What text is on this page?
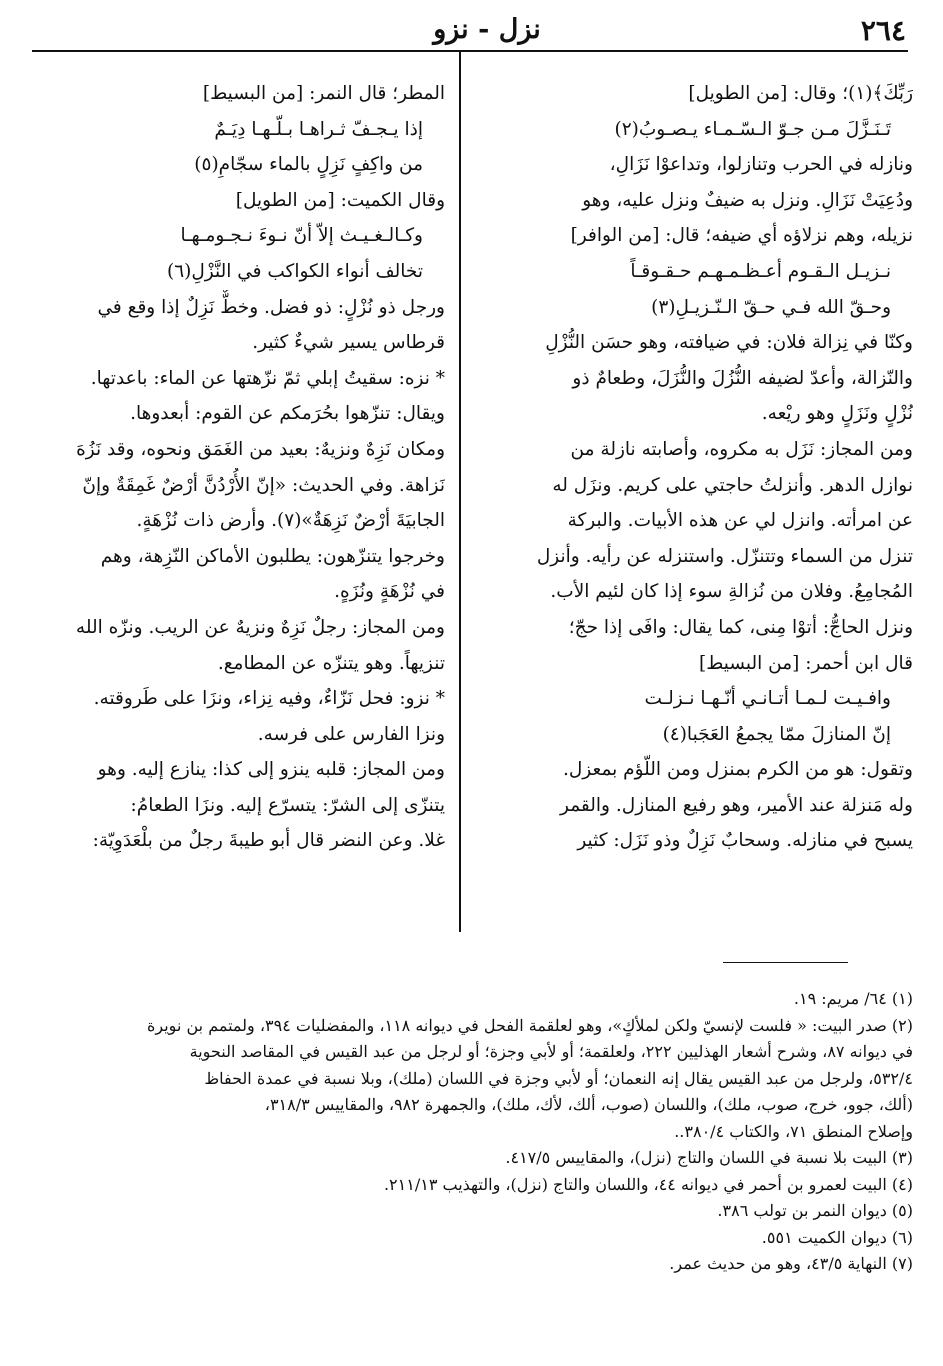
٢٦٤
نزل - نزو
رَبِّكَ﴾(١)؛ وقال: [من الطويل]
تَـنَـزَّلَ مـن جـوّ الـسّـمـاء يـصـوبُ(٢)
ونازله في الحرب وتنازلوا، وتداعوْا نَزَالِ،
ودُعِيَتْ نَزَالِ. ونزل به ضيفٌ ونزل عليه، وهو
نزيله، وهم نزلاؤه أي ضيفه؛ قال: [من الوافر]
نـزيـل الـقـوم أعـظـمـهـم حـقـوقـاً
وحـقّ الله فـي حـقّ الـنّـزيـلِ(٣)
وكنّا في نِزالة فلان: في ضيافته، وهو حسَن النُّزْلِ
والنّزالة، وأعدّ لضيفه النُّزُلَ والنُّزَلَ، وطعامٌ ذو
نُزْلٍ ونَزَلٍ وهو ريْعه.
ومن المجاز: نَزَل به مكروه، وأصابته نازلة من
نوازل الدهر. وأنزلتُ حاجتي على كريم. ونزَل له
عن امرأته. وانزل لي عن هذه الأبيات. والبركة
تنزل من السماء وتتنزّل. واستنزله عن رأيه. وأنزل
المُجامِعُ. وفلان من نُزالةِ سوء إذا كان لئيم الأب.
ونزل الحاجُّ: أتوْا مِنى، كما يقال: وافَى إذا حجّ؛
قال ابن أحمر: [من البسيط]
وافـيـت لـمـا أتـانـي أنّـهـا نـزلـت
إنّ المنازلَ ممّا يجمعُ العَجَبا(٤)
وتقول: هو من الكرم بمنزل ومن اللّؤم بمعزل.
وله مَنزلة عند الأمير، وهو رفيع المنازل. والقمر
يسبح في منازله. وسحابٌ نَزِلٌ وذو نَزَل: كثير
المطر؛ قال النمر: [من البسيط]
إذا يـجـفّ ثـراهـا بـلّـهـا دِيَـمٌ
من واكِفٍ نَزِلٍ بالماء سجّامِ(٥)
وقال الكميت: [من الطويل]
وكـالـغـيـث إلاّ أنّ نـوءَ نـجـومـهـا
تخالف أنواء الكواكب في النَّزْلِ(٦)
ورجل ذو نُزْلٍ: ذو فضل. وخطٌّ نَزِلٌ إذا وقع في
قرطاس يسير شيءٌ كثير.
* نزه: سقيتُ إبلي ثمّ نزّهتها عن الماء: باعدتها.
ويقال: تنزّهوا بحُرَمكم عن القوم: أبعدوها.
ومكان نَزِهٌ ونزيهٌ: بعيد من الغَمَق ونحوه، وقد نَزُهَ
نَزاهة. وفي الحديث: «إنّ الأُرْدُنَّ أرْضٌ غَمِقَةٌ وإنّ
الجابيَةَ أرْضٌ نَزِهَةٌ»(٧). وأرض ذات نُزْهَةٍ.
وخرجوا يتنزّهون: يطلبون الأماكن النّزِهة، وهم
في نُزْهَةٍ ونُزَهٍ.
ومن المجاز: رجلٌ نَزِهٌ ونزيهٌ عن الريب. ونزّه الله
تنزيهاً. وهو يتنزّه عن المطامع.
* نزو: فحل نَزّاءٌ، وفيه نِزاء، ونزَا على طَروقته.
ونزا الفارس على فرسه.
ومن المجاز: قلبه ينزو إلى كذا: ينازع إليه. وهو
يتنزّى إلى الشرّ: يتسرّع إليه. ونزَا الطعامُ:
غلا. وعن النضر قال أبو طيبةَ رجلٌ من بلْعَدَوِيّة:
(١) ٦٤/ مريم: ١٩.
(٢) صدر البيت: « فلست لإنسيّ ولكن لملأكٍ»، وهو لعلقمة الفحل في ديوانه ١١٨، والمفضليات ٣٩٤، ولمتمم بن نويرة
في ديوانه ٨٧، وشرح أشعار الهذليين ٢٢٢، ولعلقمة؛ أو لأبي وجزة؛ أو لرجل من عبد القيس في المقاصد النحوية
٥٣٢/٤، ولرجل من عبد القيس يقال إنه النعمان؛ أو لأبي وجزة في اللسان (ملك)، وبلا نسبة في عمدة الحفاظ
(ألك، جوو، خرج، صوب، ملك)، واللسان (صوب، ألك، لأك، ملك)، والجمهرة ٩٨٢، والمقاييس ٣١٨/٣،
وإصلاح المنطق ٧١، والكتاب ٣٨٠/٤..
(٣) البيت بلا نسبة في اللسان والتاج (نزل)، والمقاييس ٤١٧/٥.
(٤) البيت لعمرو بن أحمر في ديوانه ٤٤، واللسان والتاج (نزل)، والتهذيب ٢١١/١٣.
(٥) ديوان النمر بن تولب ٣٨٦.
(٦) ديوان الكميت ٥٥١.
(٧) النهاية ٤٣/٥، وهو من حديث عمر.
